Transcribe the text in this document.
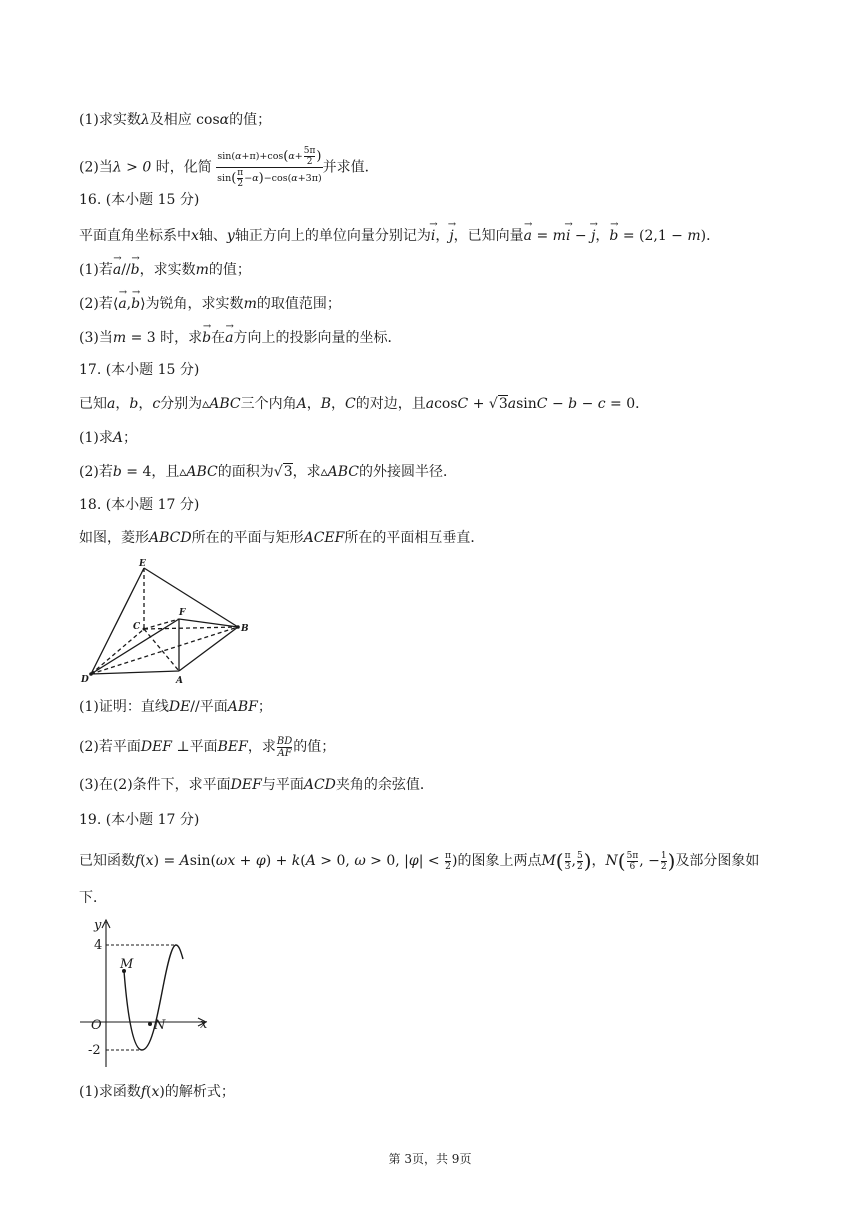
(1)求实数λ及相应 cosα的值；
(2)当λ > 0 时，化简 $\frac{\sin(\alpha+\pi)+\cos(\alpha+ \frac{5\pi}{2} )}{\sin( \frac{\pi}{2} -\alpha)-\cos(\alpha+3\pi)}$ 并求值．
16. (本小题 15 分)
平面直角坐标系中x轴、y轴正方向上的单位向量分别记为→ i，→ j，已知向量→ a = m→ i − → j，→ b = (2,1 − m)．
(1)若→ a//→ b，求实数m的值；
(2)若⟨→ a,→ b⟩为锐角，求实数m的取值范围；
(3)当m = 3 时，求→ b在→ a方向上的投影向量的坐标．
17. (本小题 15 分)
已知a，b，c分别为▵ABC三个内角A，B，C的对边，且acosC + √3asinC − b − c = 0．
(1)求A；
(2)若b = 4，且▵ABC的面积为√3，求▵ABC的外接圆半径．
18. (本小题 17 分)
如图，菱形ABCD所在的平面与矩形ACEF所在的平面相互垂直．
E
F
C	B
D	A
(1)证明：直线DE//平面ABF；
(2)若平面DEF ⊥平面BEF，求 $\frac{BD}{AF}$ 的值；
(3)在(2)条件下，求平面DEF与平面ACD夹角的余弦值．
19. (本小题 17 分)
已知函数f(x) = Asin(ωx + φ) + k(A > 0, ω > 0, $|\varphi| < \frac{\pi}{2}$ )的图象上两点$M( \frac{\pi}{3}$ , $\frac{5}{2}$ )，$N( \frac{5\pi}{6}$ , − $\frac{1}{2}$ )及部分图象如
下．
y
x
O
M
N
4
-2
(1)求函数f(x)的解析式；
第 3页，共 9页
